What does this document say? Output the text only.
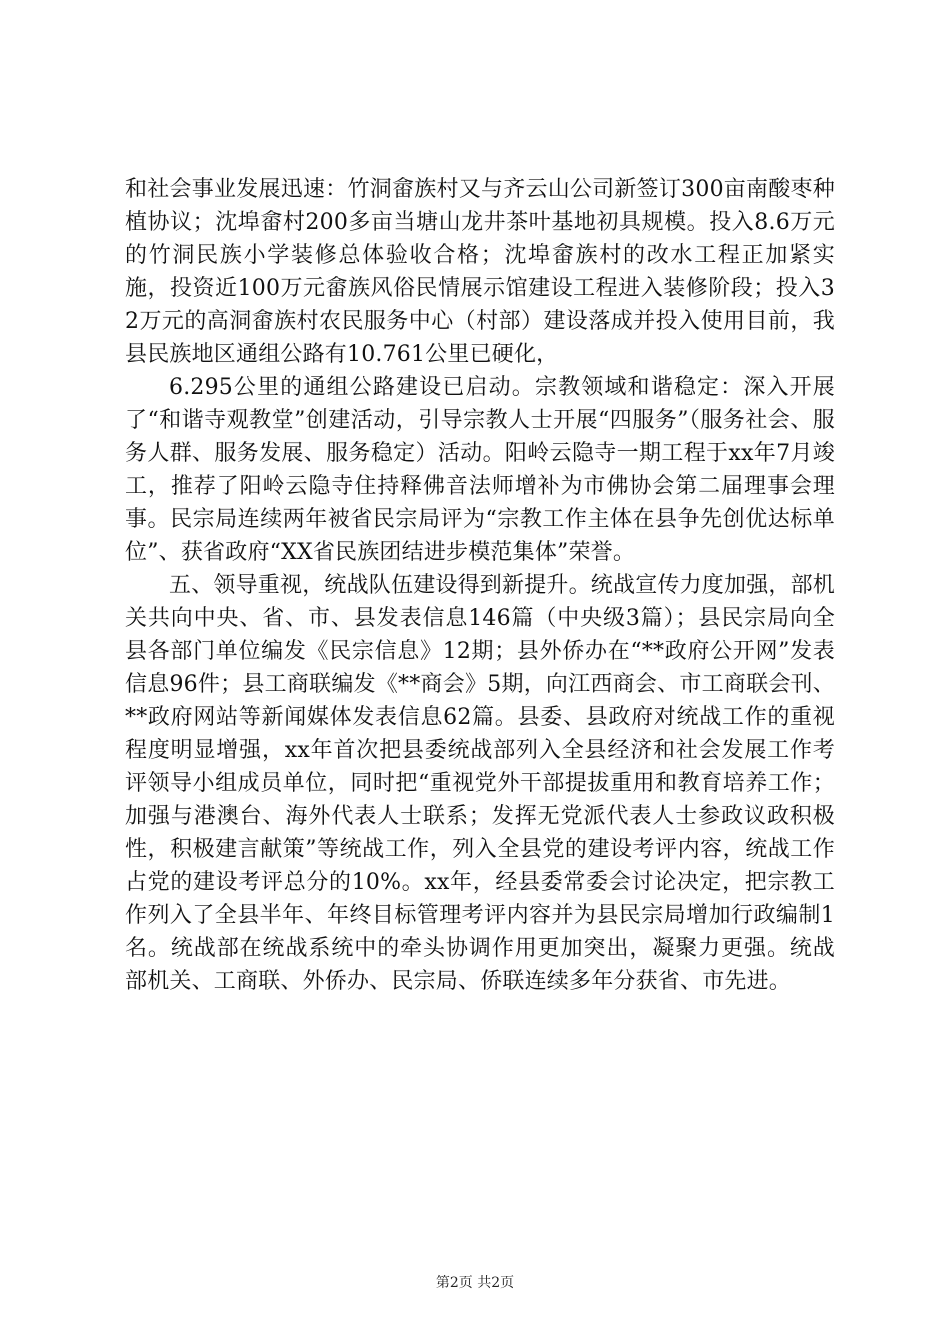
和社会事业发展迅速：竹洞畲族村又与齐云山公司新签订300亩南酸枣种植协议；沈埠畲村200多亩当塘山龙井茶叶基地初具规模。投入8.6万元的竹洞民族小学装修总体验收合格；沈埠畲族村的改水工程正加紧实施，投资近100万元畲族风俗民情展示馆建设工程进入装修阶段；投入32万元的高洞畲族村农民服务中心（村部）建设落成并投入使用目前，我县民族地区通组公路有10.761公里已硬化，

6.295公里的通组公路建设已启动。宗教领域和谐稳定：深入开展了“和谐寺观教堂”创建活动，引导宗教人士开展“四服务”（服务社会、服务人群、服务发展、服务稳定）活动。阳岭云隐寺一期工程于xx年7月竣工，推荐了阳岭云隐寺住持释佛音法师增补为市佛协会第二届理事会理事。民宗局连续两年被省民宗局评为“宗教工作主体在县争先创优达标单位”、获省政府“XX省民族团结进步模范集体”荣誉。

五、领导重视，统战队伍建设得到新提升。统战宣传力度加强，部机关共向中央、省、市、县发表信息146篇（中央级3篇）；县民宗局向全县各部门单位编发《民宗信息》12期；县外侨办在“**政府公开网”发表信息96件；县工商联编发《**商会》5期，向江西商会、市工商联会刊、**政府网站等新闻媒体发表信息62篇。县委、县政府对统战工作的重视程度明显增强，xx年首次把县委统战部列入全县经济和社会发展工作考评领导小组成员单位，同时把“重视党外干部提拔重用和教育培养工作；加强与港澳台、海外代表人士联系；发挥无党派代表人士参政议政积极性，积极建言献策”等统战工作，列入全县党的建设考评内容，统战工作占党的建设考评总分的10%。xx年，经县委常委会讨论决定，把宗教工作列入了全县半年、年终目标管理考评内容并为县民宗局增加行政编制1名。统战部在统战系统中的牵头协调作用更加突出，凝聚力更强。统战部机关、工商联、外侨办、民宗局、侨联连续多年分获省、市先进。

第2页 共2页
